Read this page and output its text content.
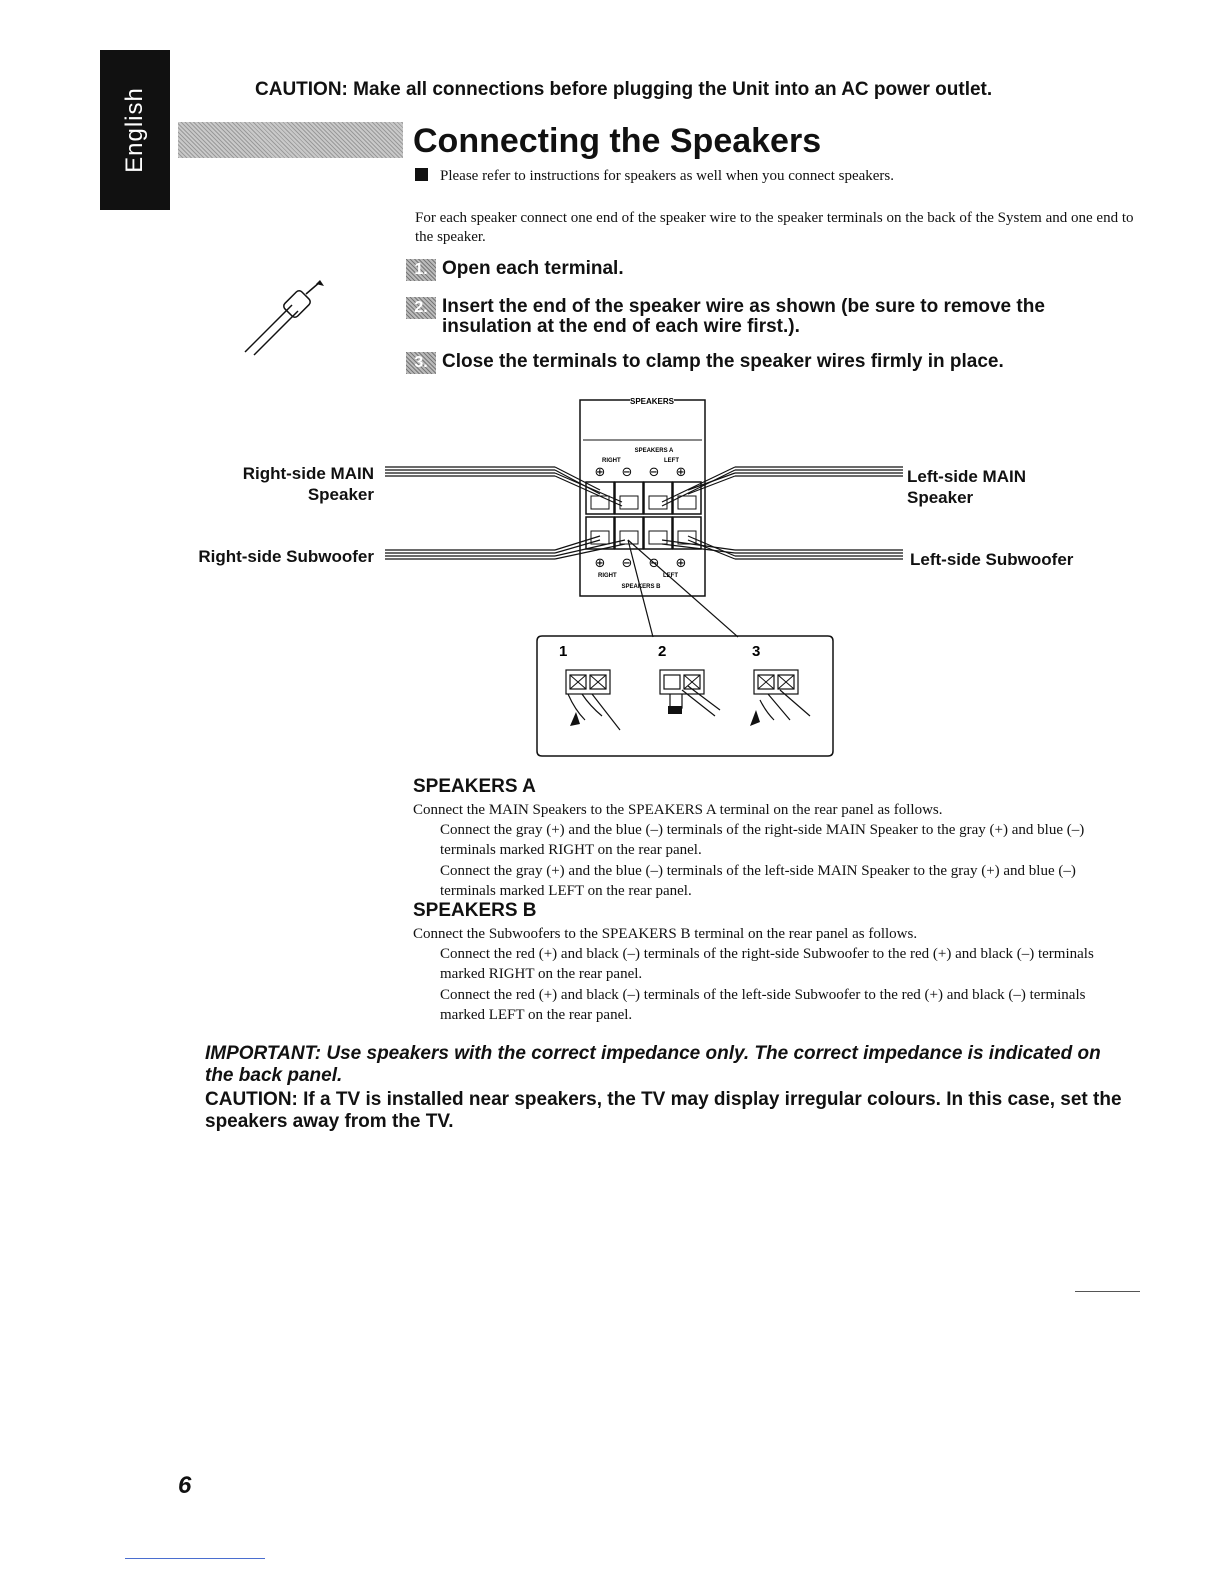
English	CAUTION: Make all connections before plugging the Unit into an AC power outlet.
Connecting the Speakers
Please refer to instructions for speakers as well when you connect speakers.
For each speaker connect one end of the speaker wire to the speaker terminals on the back of the System and one end to the speaker.
1. Open each terminal.
2. Insert the end of the speaker wire as shown (be sure to remove the insulation at the end of each wire first.).
3. Close the terminals to clamp the speaker wires firmly in place.
SPEAKERS
SPEAKERS A
RIGHT	LEFT
⊕ ⊖ ⊖ ⊕
⊕ ⊖ ⊖ ⊕
RIGHT	LEFT
SPEAKERS B
1	2	3
Right-side MAIN Speaker
Right-side Subwoofer
Left-side MAIN Speaker
Left-side Subwoofer
SPEAKERS A
Connect the MAIN Speakers to the SPEAKERS A terminal on the rear panel as follows.
Connect the gray (+) and the blue (–) terminals of the right-side MAIN Speaker to the gray (+) and blue (–) terminals marked RIGHT on the rear panel.
Connect the gray (+) and the blue (–) terminals of the left-side MAIN Speaker to the gray (+) and blue (–) terminals marked LEFT on the rear panel.
SPEAKERS B
Connect the Subwoofers to the SPEAKERS B terminal on the rear panel as follows.
Connect the red (+) and black (–) terminals of the right-side Subwoofer to the red (+) and black (–) terminals marked RIGHT on the rear panel.
Connect the red (+) and black (–) terminals of the left-side Subwoofer to the red (+) and black (–) terminals marked LEFT on the rear panel.
IMPORTANT: Use speakers with the correct impedance only. The correct impedance is indicated on the back panel.
CAUTION: If a TV is installed near speakers, the TV may display irregular colours. In this case, set the speakers away from the TV.
6
